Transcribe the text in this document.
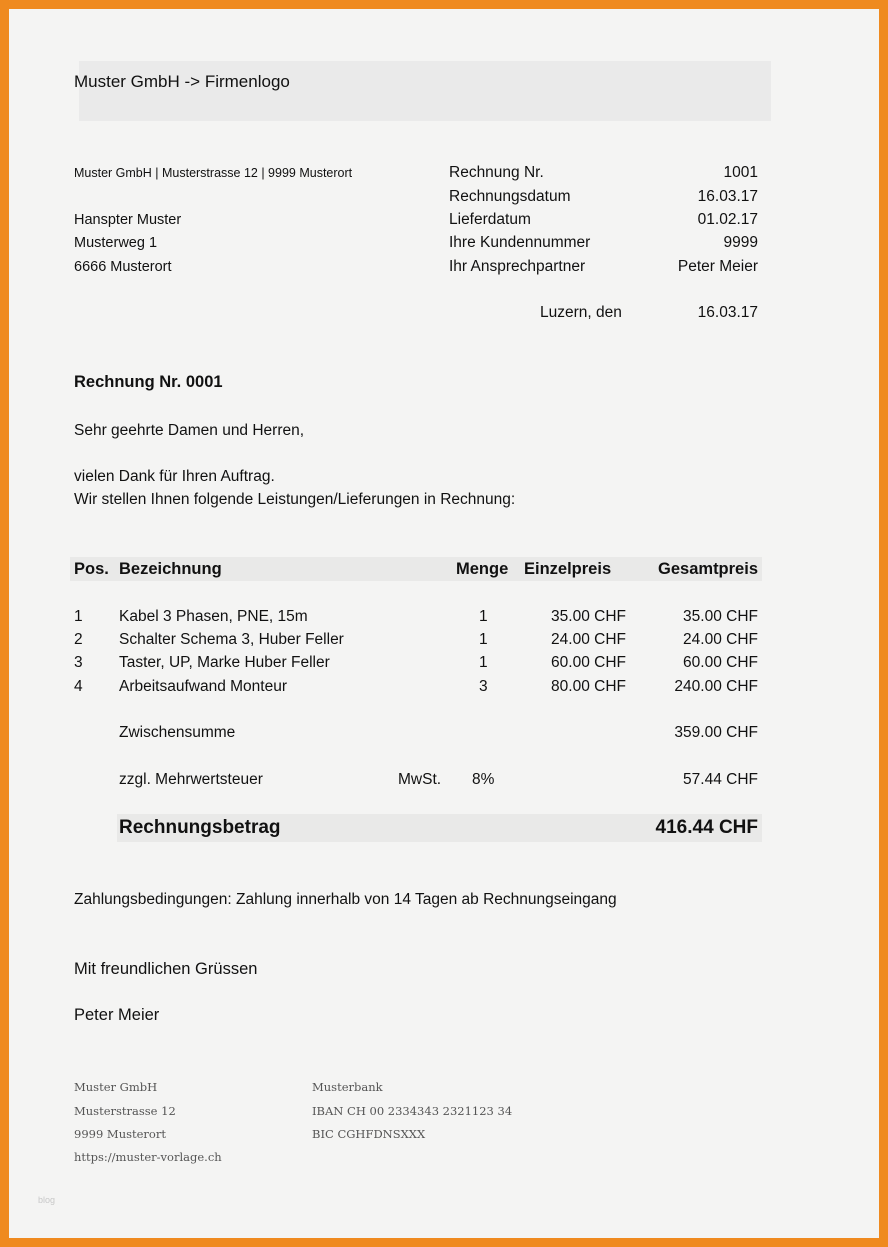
Muster GmbH -> Firmenlogo
Muster GmbH | Musterstrasse 12 | 9999 Musterort
Hanspter Muster
Musterweg 1
6666 Musterort
Rechnung Nr.	1001
Rechnungsdatum	16.03.17
Lieferdatum	01.02.17
Ihre Kundennummer	9999
Ihr Ansprechpartner	Peter Meier
Luzern, den	16.03.17
Rechnung Nr. 0001
Sehr geehrte Damen und Herren,
vielen Dank für Ihren Auftrag.
Wir stellen Ihnen folgende Leistungen/Lieferungen in Rechnung:
Pos. Bezeichnung	Menge Einzelpreis	Gesamtpreis
1 Kabel 3 Phasen, PNE, 15m	1	35.00 CHF	35.00 CHF
2 Schalter Schema 3, Huber Feller	1	24.00 CHF	24.00 CHF
3 Taster, UP, Marke Huber Feller	1	60.00 CHF	60.00 CHF
4 Arbeitsaufwand Monteur	3	80.00 CHF	240.00 CHF
Zwischensumme	359.00 CHF
zzgl. Mehrwertsteuer	MwSt. 8%	57.44 CHF
Rechnungsbetrag	416.44 CHF
Zahlungsbedingungen: Zahlung innerhalb von 14 Tagen ab Rechnungseingang
Mit freundlichen Grüssen
Peter Meier
Muster GmbH
Musterstrasse 12
9999 Musterort
https://muster-vorlage.ch
Musterbank
IBAN CH 00 2334343 2321123 34
BIC CGHFDNSXXX
blog
